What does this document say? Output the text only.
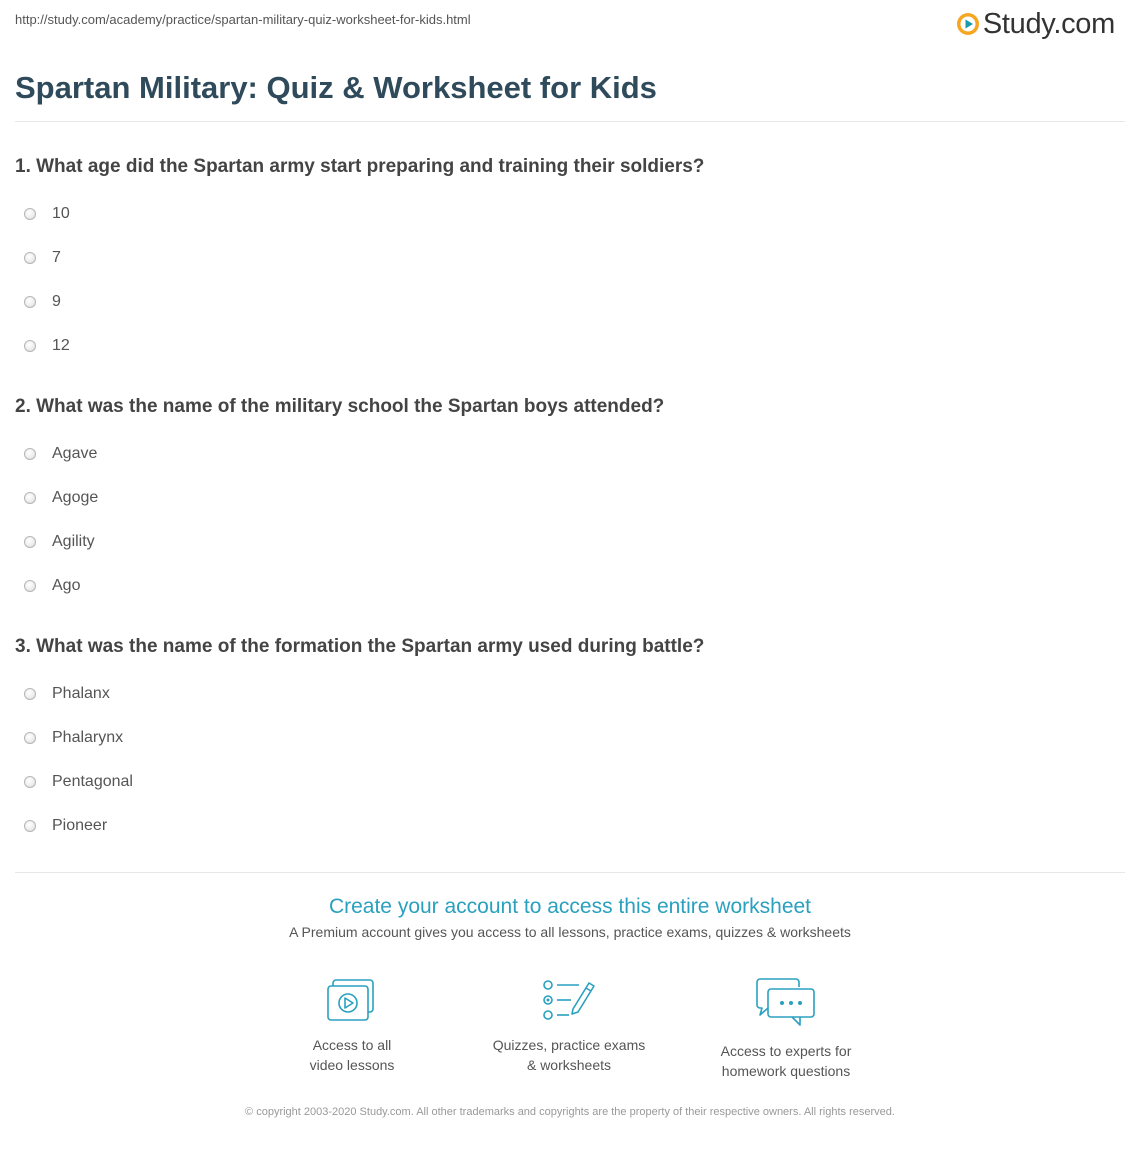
http://study.com/academy/practice/spartan-military-quiz-worksheet-for-kids.html	Study.com
Spartan Military: Quiz & Worksheet for Kids
1. What age did the Spartan army start preparing and training their soldiers?
10
7
9
12
2. What was the name of the military school the Spartan boys attended?
Agave
Agoge
Agility
Ago
3. What was the name of the formation the Spartan army used during battle?
Phalanx
Phalarynx
Pentagonal
Pioneer
Create your account to access this entire worksheet
A Premium account gives you access to all lessons, practice exams, quizzes & worksheets
Access to all
video lessons
Quizzes, practice exams
& worksheets
Access to experts for
homework questions
© copyright 2003-2020 Study.com. All other trademarks and copyrights are the property of their respective owners. All rights reserved.
